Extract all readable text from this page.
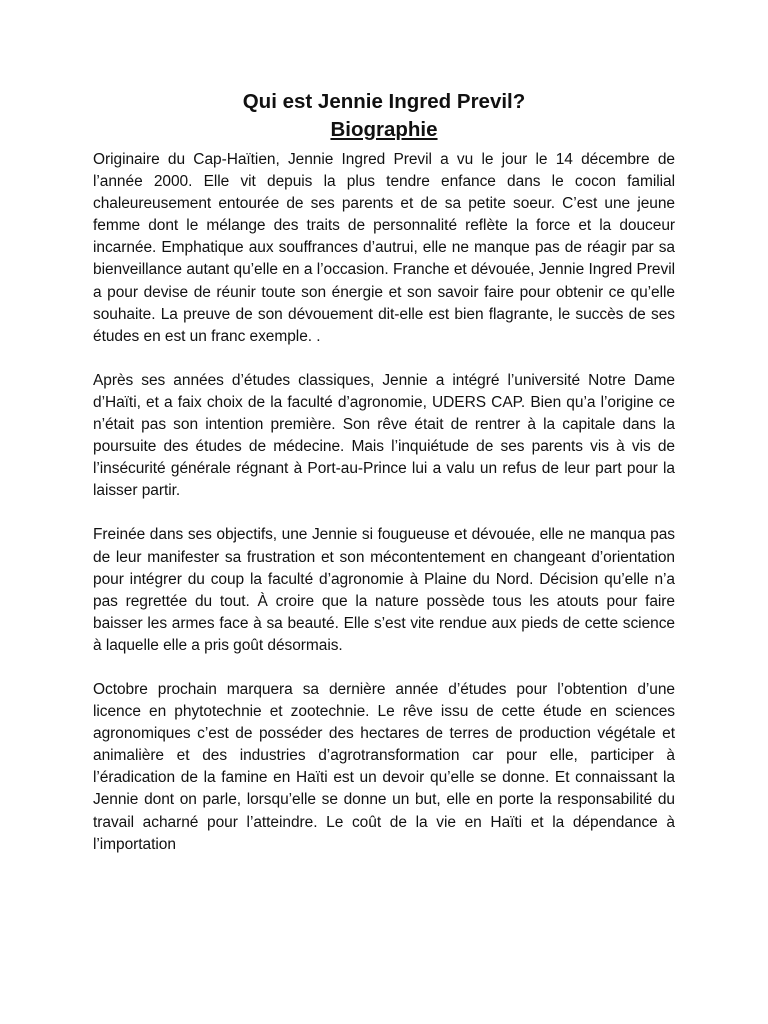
Qui est Jennie Ingred Previl?
Biographie

Originaire du Cap-Haïtien, Jennie Ingred Previl a vu le jour le 14 décembre de l’année 2000. Elle vit depuis la plus tendre enfance dans le cocon familial chaleureusement entourée de ses parents et de sa petite soeur. C’est une jeune femme dont le mélange des traits de personnalité reflète la force et la douceur incarnée. Emphatique aux souffrances d’autrui, elle ne manque pas de réagir par sa bienveillance autant qu’elle en a l’occasion. Franche et dévouée, Jennie Ingred Previl a pour devise de réunir toute son énergie et son savoir faire pour obtenir ce qu’elle souhaite. La preuve de son dévouement dit-elle est bien flagrante, le succès de ses études en est un franc exemple. .

Après ses années d’études classiques, Jennie a intégré l’université Notre Dame d’Haïti, et a faix choix de la faculté d’agronomie, UDERS CAP. Bien qu’a l’origine ce n’était pas son intention première. Son rêve était de rentrer à la capitale dans la poursuite des études de médecine. Mais l’inquiétude de ses parents vis à vis de l’insécurité générale régnant à Port-au-Prince lui a valu un refus de leur part pour la laisser partir.

Freinée dans ses objectifs, une Jennie si fougueuse et dévouée, elle ne manqua pas de leur manifester sa frustration et son mécontentement en changeant d’orientation pour intégrer du coup la faculté d’agronomie à Plaine du Nord. Décision qu’elle n’a pas regrettée du tout. À croire que la nature possède tous les atouts pour faire baisser les armes face à sa beauté. Elle s’est vite rendue aux pieds de cette science à laquelle elle a pris goût désormais.

Octobre prochain marquera sa dernière année d’études pour l’obtention d’une licence en phytotechnie et zootechnie. Le rêve issu de cette étude en sciences agronomiques c’est de posséder des hectares de terres de production végétale et animalière et des industries d’agrotransformation car pour elle, participer à l’éradication de la famine en Haïti est un devoir qu’elle se donne. Et connaissant la Jennie dont on parle, lorsqu’elle se donne un but, elle en porte la responsabilité du travail acharné pour l’atteindre. Le coût de la vie en Haïti et la dépendance à l’importation
